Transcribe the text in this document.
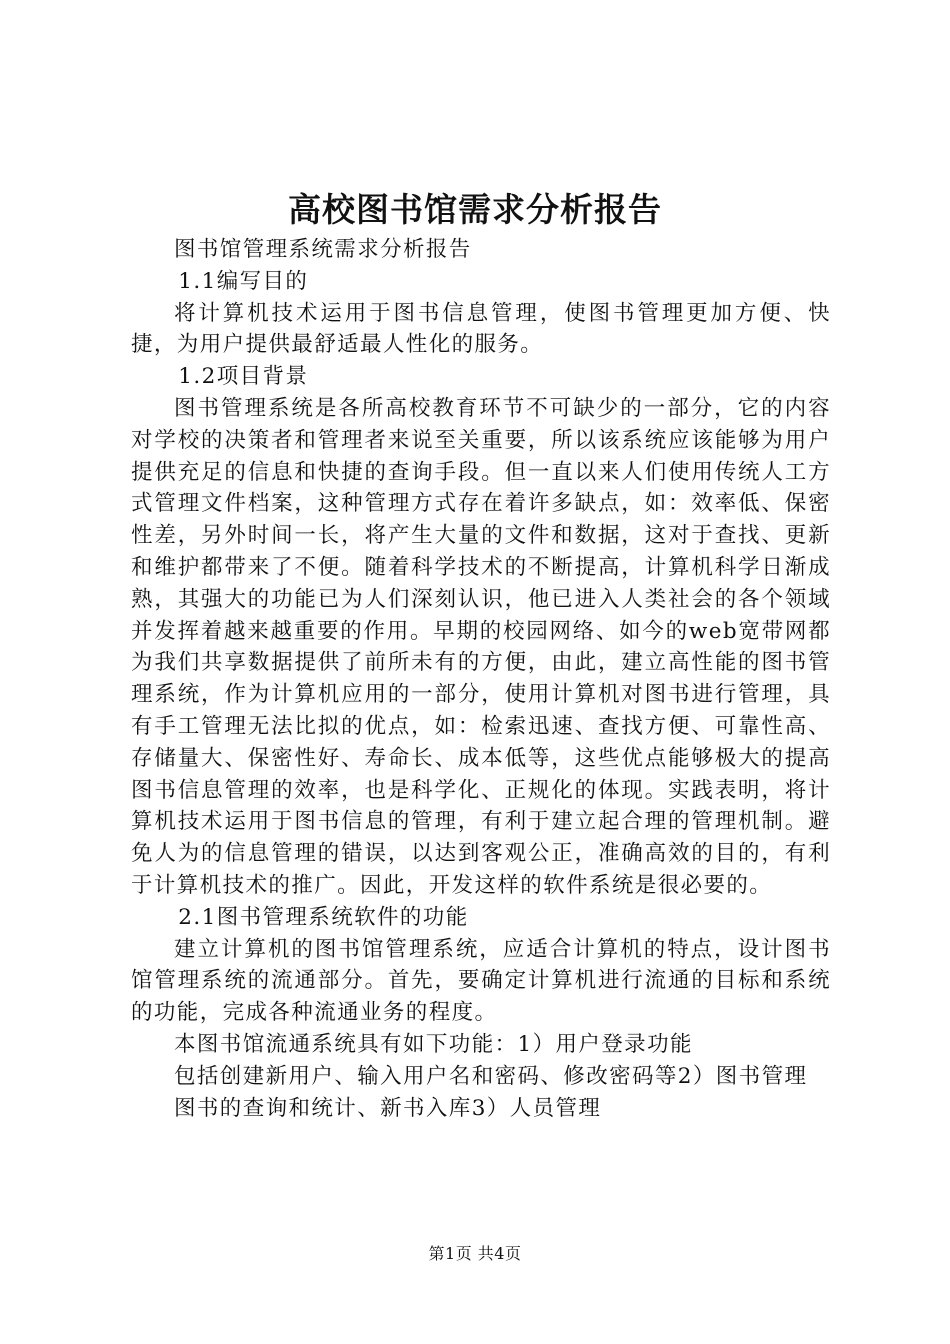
高校图书馆需求分析报告

图书馆管理系统需求分析报告

1.1编写目的

将计算机技术运用于图书信息管理，使图书管理更加方便、快捷，为用户提供最舒适最人性化的服务。

1.2项目背景

图书管理系统是各所高校教育环节不可缺少的一部分，它的内容对学校的决策者和管理者来说至关重要，所以该系统应该能够为用户提供充足的信息和快捷的查询手段。但一直以来人们使用传统人工方式管理文件档案，这种管理方式存在着许多缺点，如：效率低、保密性差，另外时间一长，将产生大量的文件和数据，这对于查找、更新和维护都带来了不便。随着科学技术的不断提高，计算机科学日渐成熟，其强大的功能已为人们深刻认识，他已进入人类社会的各个领域并发挥着越来越重要的作用。早期的校园网络、如今的web宽带网都为我们共享数据提供了前所未有的方便，由此，建立高性能的图书管理系统，作为计算机应用的一部分，使用计算机对图书进行管理，具有手工管理无法比拟的优点，如：检索迅速、查找方便、可靠性高、存储量大、保密性好、寿命长、成本低等，这些优点能够极大的提高图书信息管理的效率，也是科学化、正规化的体现。实践表明，将计算机技术运用于图书信息的管理，有利于建立起合理的管理机制。避免人为的信息管理的错误，以达到客观公正，准确高效的目的，有利于计算机技术的推广。因此，开发这样的软件系统是很必要的。

2.1图书管理系统软件的功能

建立计算机的图书馆管理系统，应适合计算机的特点，设计图书馆管理系统的流通部分。首先，要确定计算机进行流通的目标和系统的功能，完成各种流通业务的程度。

本图书馆流通系统具有如下功能：1）用户登录功能

包括创建新用户、输入用户名和密码、修改密码等2）图书管理

图书的查询和统计、新书入库3）人员管理

第1页 共4页
